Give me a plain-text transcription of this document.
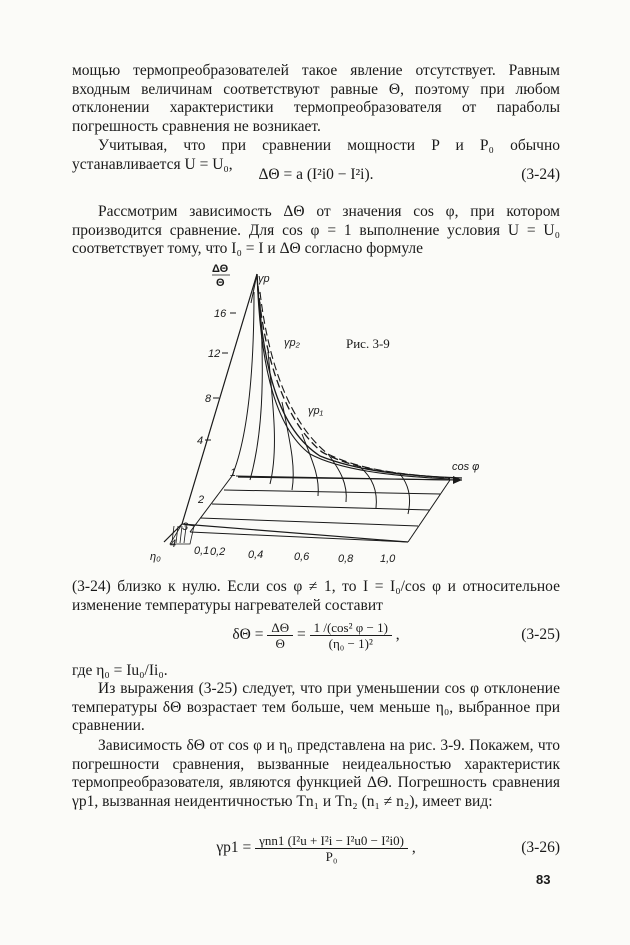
мощью термопреобразователей такое явление отсутствует. Равным входным величинам соответствуют равные Θ, поэтому при любом отклонении характеристики термопреобразователя от параболы погрешность сравнения не возникает.
Учитывая, что при сравнении мощности P и P₀ обычно устанавливается U = U₀,
ΔΘ = a (I²i0 − I²i).	(3-24)
Рассмотрим зависимость ΔΘ от значения cos φ, при котором производится сравнение. Для cos φ = 1 выполнение условия U = U₀ соответствует тому, что I₀ = I и ΔΘ согласно формуле
ΔΘ
Θ	γp
16
12
8
4
Рис. 3-9
γp₂
γp₁
cos φ
0,1 0,2 0,4	0,6	0,8 1,0
1
2
3
4
η₀
(3-24) близко к нулю. Если cos φ ≠ 1, то I = I₀/cos φ и относительное изменение температуры нагревателей составит
$\delta\Theta = \frac{\Delta\Theta}{\Theta} = \frac{\text{1 /(cos² φ − 1)}}{\text{(η₀ − 1)²}}$ ,	(3-25)
где η₀ = Iu₀/Ii₀.
Из выражения (3-25) следует, что при уменьшении cos φ отклонение температуры δΘ возрастает тем больше, чем меньше η₀, выбранное при сравнении.
Зависимость δΘ от cos φ и η₀ представлена на рис. 3-9. Покажем, что погрешности сравнения, вызванные неидеальностью характеристик термопреобразователя, являются функцией ΔΘ. Погрешность сравнения γp1, вызванная неидентичностью Tn₁ и Tn₂ (n₁ ≠ n₂), имеет вид:
$\gamma p1 = \frac{\text{γnn1 (I²u + I²i − I²u0 − I²i0)}}{\text{P₀}}$ ,	(3-26)
83
